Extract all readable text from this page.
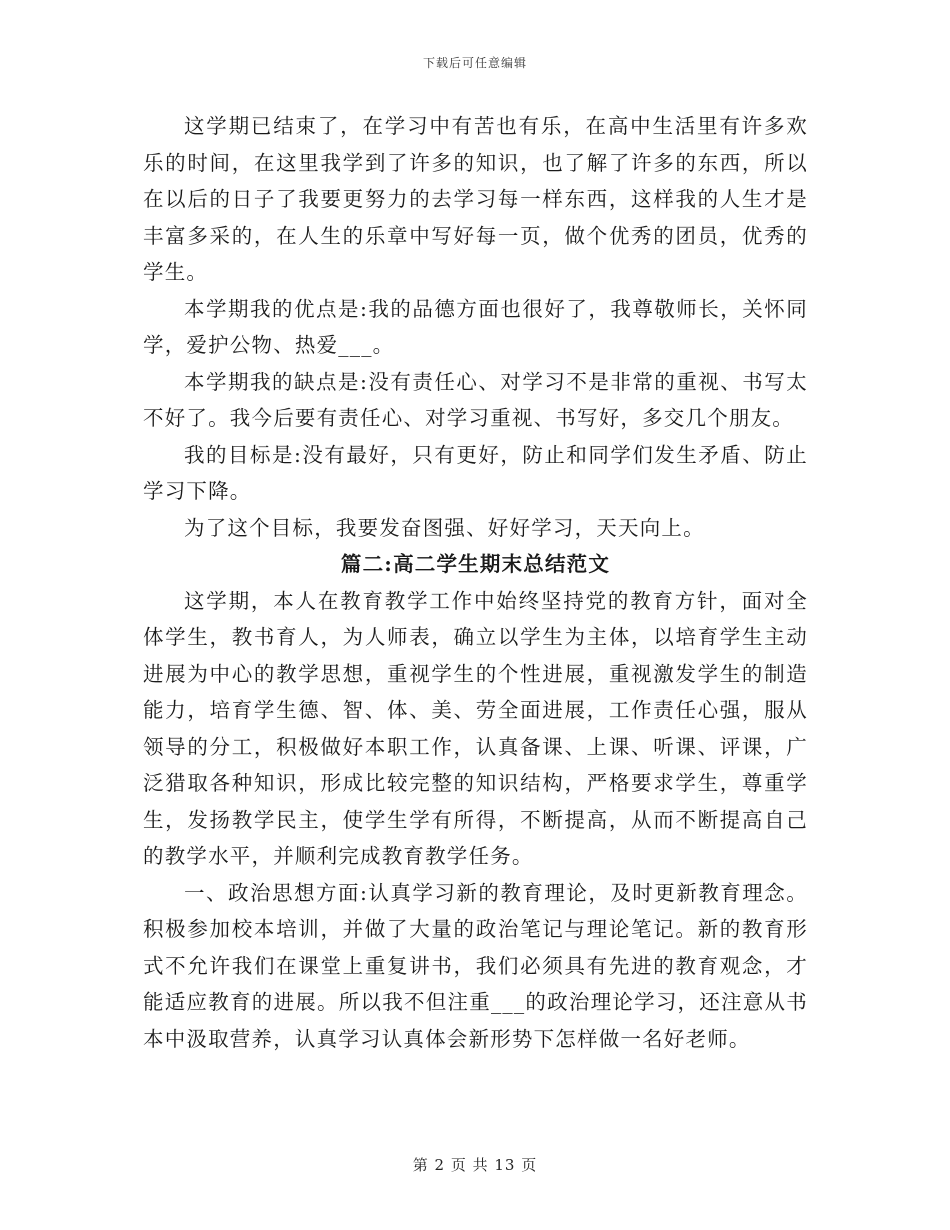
下载后可任意编辑

这学期已结束了，在学习中有苦也有乐，在高中生活里有许多欢乐的时间，在这里我学到了许多的知识，也了解了许多的东西，所以在以后的日子了我要更努力的去学习每一样东西，这样我的人生才是丰富多采的，在人生的乐章中写好每一页，做个优秀的团员，优秀的学生。

本学期我的优点是:我的品德方面也很好了，我尊敬师长，关怀同学，爱护公物、热爱___。

本学期我的缺点是:没有责任心、对学习不是非常的重视、书写太不好了。我今后要有责任心、对学习重视、书写好，多交几个朋友。

我的目标是:没有最好，只有更好，防止和同学们发生矛盾、防止学习下降。

为了这个目标，我要发奋图强、好好学习，天天向上。

篇二:高二学生期末总结范文

这学期，本人在教育教学工作中始终坚持党的教育方针，面对全体学生，教书育人，为人师表，确立以学生为主体，以培育学生主动进展为中心的教学思想，重视学生的个性进展，重视激发学生的制造能力，培育学生德、智、体、美、劳全面进展，工作责任心强，服从领导的分工，积极做好本职工作，认真备课、上课、听课、评课，广泛猎取各种知识，形成比较完整的知识结构，严格要求学生，尊重学生，发扬教学民主，使学生学有所得，不断提高，从而不断提高自己的教学水平，并顺利完成教育教学任务。

一、政治思想方面:认真学习新的教育理论，及时更新教育理念。积极参加校本培训，并做了大量的政治笔记与理论笔记。新的教育形式不允许我们在课堂上重复讲书，我们必须具有先进的教育观念，才能适应教育的进展。所以我不但注重___的政治理论学习，还注意从书本中汲取营养，认真学习认真体会新形势下怎样做一名好老师。

第 2 页 共 13 页
